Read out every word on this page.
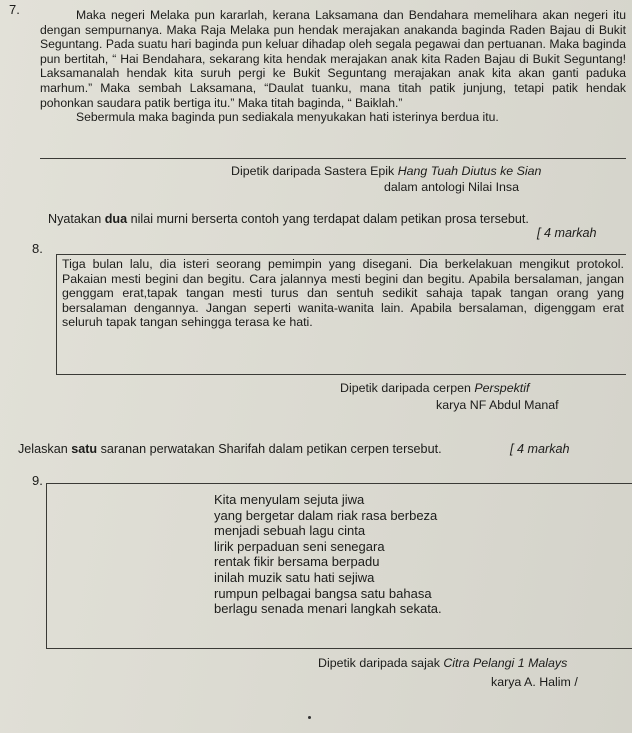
7.	Maka negeri Melaka pun kararlah, kerana Laksamana dan Bendahara memelihara akan negeri itu dengan sempurnanya. Maka Raja Melaka pun hendak merajakan anakanda baginda Raden Bajau di Bukit Seguntang. Pada suatu hari baginda pun keluar dihadap oleh segala pegawai dan pertuanan. Maka baginda pun bertitah, “ Hai Bendahara, sekarang kita hendak merajakan anak kita Raden Bajau di Bukit Seguntang! Laksamanalah hendak kita suruh pergi ke Bukit Seguntang merajakan anak kita akan ganti paduka marhum.” Maka sembah Laksamana, “Daulat tuanku, mana titah patik junjung, tetapi patik hendak pohonkan saudara patik bertiga itu.” Maka titah baginda, “ Baiklah.”

Sebermula maka baginda pun sediakala menyukakan hati isterinya berdua itu.

Dipetik daripada Sastera Epik Hang Tuah Diutus ke Sian
dalam antologi Nilai Insa
Nyatakan dua nilai murni berserta contoh yang terdapat dalam petikan prosa tersebut.
[ 4 markah
8.
Tiga bulan lalu, dia isteri seorang pemimpin yang disegani. Dia berkelakuan mengikut protokol. Pakaian mesti begini dan begitu. Cara jalannya mesti begini dan begitu. Apabila bersalaman, jangan genggam erat,tapak tangan mesti turus dan sentuh sedikit sahaja tapak tangan orang yang bersalaman dengannya. Jangan seperti wanita-wanita lain. Apabila bersalaman, digenggam erat seluruh tapak tangan sehingga terasa ke hati.
Dipetik daripada cerpen Perspektif
karya NF Abdul Manaf
Jelaskan satu saranan perwatakan Sharifah dalam petikan cerpen tersebut.	[ 4 markah
9.
Kita menyulam sejuta jiwa
yang bergetar dalam riak rasa berbeza
menjadi sebuah lagu cinta
lirik perpaduan seni senegara
rentak fikir bersama berpadu
inilah muzik satu hati sejiwa
rumpun pelbagai bangsa satu bahasa
berlagu senada menari langkah sekata.
Dipetik daripada sajak Citra Pelangi 1 Malays
karya A. Halim /
